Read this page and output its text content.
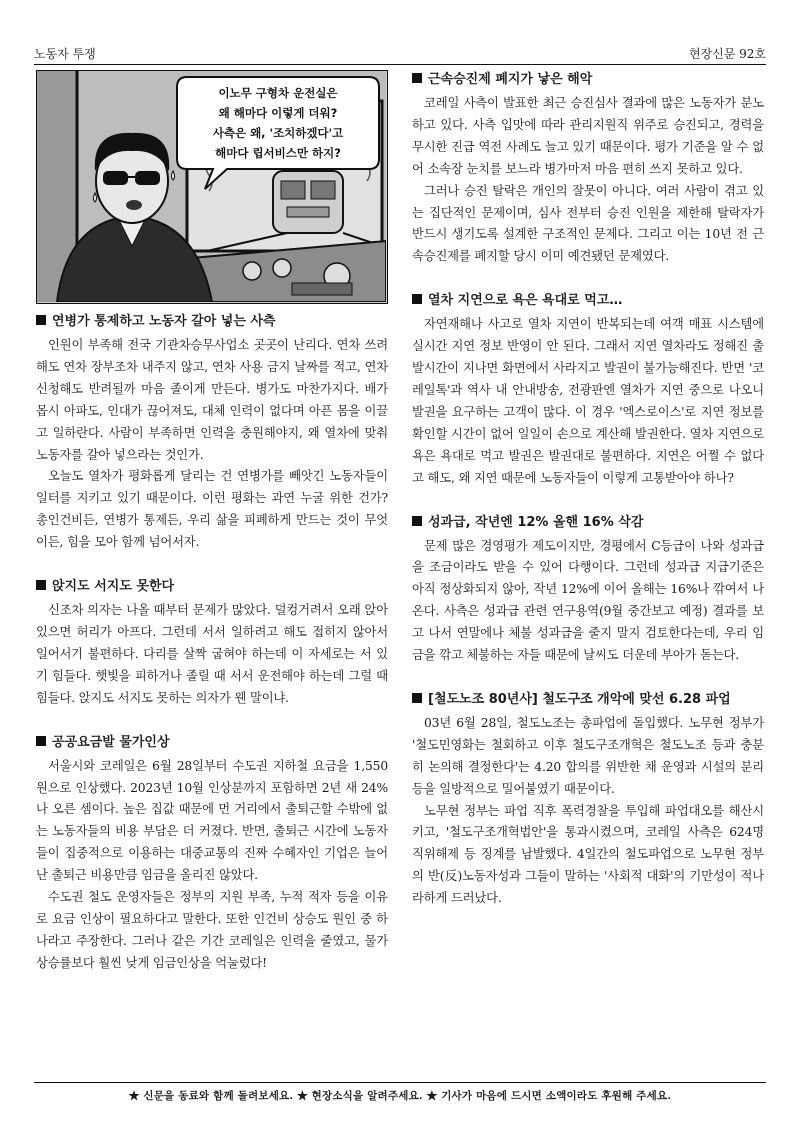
노동자 투쟁	현장신문 92호
이노무 구형차 운전실은
왜 해마다 이렇게 더워?
사측은 왜, '조치하겠다'고
해마다 립서비스만 하지?
연병가 통제하고 노동자 갈아 넣는 사측

인원이 부족해 전국 기관차승무사업소 곳곳이 난리다. 연차 쓰려 해도 연차 장부조차 내주지 않고, 연차 사용 금지 날짜를 적고, 연차 신청해도 반려될까 마음 졸이게 만든다. 병가도 마찬가지다. 배가 몹시 아파도, 인대가 끊어져도, 대체 인력이 없다며 아픈 몸을 이끌고 일하란다. 사람이 부족하면 인력을 충원해야지, 왜 열차에 맞춰 노동자를 갈아 넣으라는 것인가.

오늘도 열차가 평화롭게 달리는 건 연병가를 빼앗긴 노동자들이 일터를 지키고 있기 때문이다. 이런 평화는 과연 누굴 위한 건가? 총인건비든, 연병가 통제든, 우리 삶을 피폐하게 만드는 것이 무엇이든, 힘을 모아 함께 넘어서자.

앉지도 서지도 못한다

신조차 의자는 나올 때부터 문제가 많았다. 덜컹거려서 오래 앉아 있으면 허리가 아프다. 그런데 서서 일하려고 해도 접히지 않아서 일어서기 불편하다. 다리를 살짝 굽혀야 하는데 이 자세로는 서 있기 힘들다. 햇빛을 피하거나 졸릴 때 서서 운전해야 하는데 그럴 때 힘들다. 앉지도 서지도 못하는 의자가 웬 말이냐.

공공요금발 물가인상

서울시와 코레일은 6월 28일부터 수도권 지하철 요금을 1,550원으로 인상했다. 2023년 10월 인상분까지 포함하면 2년 새 24%나 오른 셈이다. 높은 집값 때문에 먼 거리에서 출퇴근할 수밖에 없는 노동자들의 비용 부담은 더 커졌다. 반면, 출퇴근 시간에 노동자들이 집중적으로 이용하는 대중교통의 진짜 수혜자인 기업은 늘어난 출퇴근 비용만큼 임금을 올리진 않았다.

수도권 철도 운영자들은 정부의 지원 부족, 누적 적자 등을 이유로 요금 인상이 필요하다고 말한다. 또한 인건비 상승도 원인 중 하나라고 주장한다. 그러나 같은 기간 코레일은 인력을 줄였고, 물가상승률보다 훨씬 낮게 임금인상을 억눌렀다!

근속승진제 폐지가 낳은 해악

코레일 사측이 발표한 최근 승진심사 결과에 많은 노동자가 분노하고 있다. 사측 입맛에 따라 관리지원직 위주로 승진되고, 경력을 무시한 진급 역전 사례도 늘고 있기 때문이다. 평가 기준을 알 수 없어 소속장 눈치를 보느라 병가마저 마음 편히 쓰지 못하고 있다.

그러나 승진 탈락은 개인의 잘못이 아니다. 여러 사람이 겪고 있는 집단적인 문제이며, 심사 전부터 승진 인원을 제한해 탈락자가 반드시 생기도록 설계한 구조적인 문제다. 그리고 이는 10년 전 근속승진제를 폐지할 당시 이미 예견됐던 문제였다.

열차 지연으로 욕은 욕대로 먹고…

자연재해나 사고로 열차 지연이 반복되는데 여객 매표 시스템에 실시간 지연 정보 반영이 안 된다. 그래서 지연 열차라도 정해진 출발시간이 지나면 화면에서 사라지고 발권이 불가능해진다. 반면 '코레일톡'과 역사 내 안내방송, 전광판엔 열차가 지연 중으로 나오니 발권을 요구하는 고객이 많다. 이 경우 '엑스로이스'로 지연 정보를 확인할 시간이 없어 일일이 손으로 계산해 발권한다. 열차 지연으로 욕은 욕대로 먹고 발권은 발권대로 불편하다. 지연은 어쩔 수 없다고 해도, 왜 지연 때문에 노동자들이 이렇게 고통받아야 하나?

성과급, 작년엔 12% 올핸 16% 삭감

문제 많은 경영평가 제도이지만, 경평에서 C등급이 나와 성과급을 조금이라도 받을 수 있어 다행이다. 그런데 성과급 지급기준은 아직 정상화되지 않아, 작년 12%에 이어 올해는 16%나 깎여서 나온다. 사측은 성과급 관련 연구용역(9월 중간보고 예정) 결과를 보고 나서 연말에나 체불 성과급을 줄지 말지 검토한다는데, 우리 임금을 깎고 체불하는 자들 때문에 날씨도 더운데 부아가 돋는다.

[철도노조 80년사] 철도구조 개악에 맞선 6.28 파업

03년 6월 28일, 철도노조는 총파업에 돌입했다. 노무현 정부가 '철도민영화는 철회하고 이후 철도구조개혁은 철도노조 등과 충분히 논의해 결정한다'는 4.20 합의를 위반한 채 운영과 시설의 분리 등을 일방적으로 밀어붙였기 때문이다.

노무현 정부는 파업 직후 폭력경찰을 투입해 파업대오를 해산시키고, '철도구조개혁법안'을 통과시켰으며, 코레일 사측은 624명 직위해제 등 징계를 남발했다. 4일간의 철도파업으로 노무현 정부의 반(反)노동자성과 그들이 말하는 '사회적 대화'의 기만성이 적나라하게 드러났다.

★ 신문을 동료와 함께 돌려보세요. ★ 현장소식을 알려주세요. ★ 기사가 마음에 드시면 소액이라도 후원해 주세요.
